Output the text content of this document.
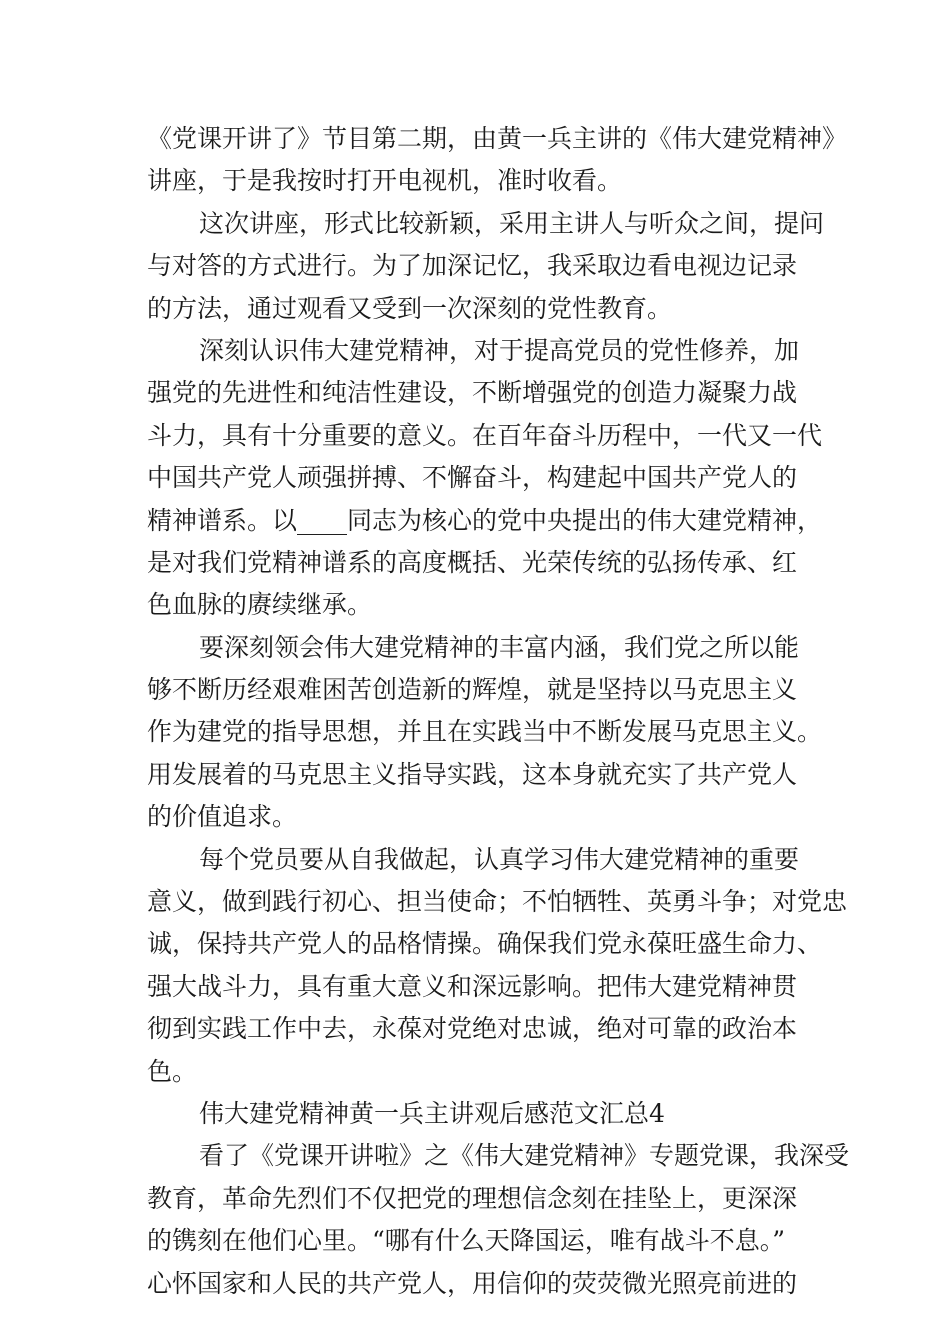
《党课开讲了》节目第二期，由黄一兵主讲的《伟大建党精神》
讲座，于是我按时打开电视机，准时收看。
这次讲座，形式比较新颖，采用主讲人与听众之间，提问
与对答的方式进行。为了加深记忆，我采取边看电视边记录
的方法，通过观看又受到一次深刻的党性教育。
深刻认识伟大建党精神，对于提高党员的党性修养，加
强党的先进性和纯洁性建设，不断增强党的创造力凝聚力战
斗力，具有十分重要的意义。在百年奋斗历程中，一代又一代
中国共产党人顽强拼搏、不懈奋斗，构建起中国共产党人的
精神谱系。以____同志为核心的党中央提出的伟大建党精神，
是对我们党精神谱系的高度概括、光荣传统的弘扬传承、红
色血脉的赓续继承。
要深刻领会伟大建党精神的丰富内涵，我们党之所以能
够不断历经艰难困苦创造新的辉煌，就是坚持以马克思主义
作为建党的指导思想，并且在实践当中不断发展马克思主义。
用发展着的马克思主义指导实践，这本身就充实了共产党人
的价值追求。
每个党员要从自我做起，认真学习伟大建党精神的重要
意义，做到践行初心、担当使命；不怕牺牲、英勇斗争；对党忠
诚，保持共产党人的品格情操。确保我们党永葆旺盛生命力、
强大战斗力，具有重大意义和深远影响。把伟大建党精神贯
彻到实践工作中去，永葆对党绝对忠诚，绝对可靠的政治本
色。
伟大建党精神黄一兵主讲观后感范文汇总4
看了《党课开讲啦》之《伟大建党精神》专题党课，我深受
教育，革命先烈们不仅把党的理想信念刻在挂坠上，更深深
的镌刻在他们心里。“哪有什么天降国运，唯有战斗不息。”
心怀国家和人民的共产党人，用信仰的荧荧微光照亮前进的
